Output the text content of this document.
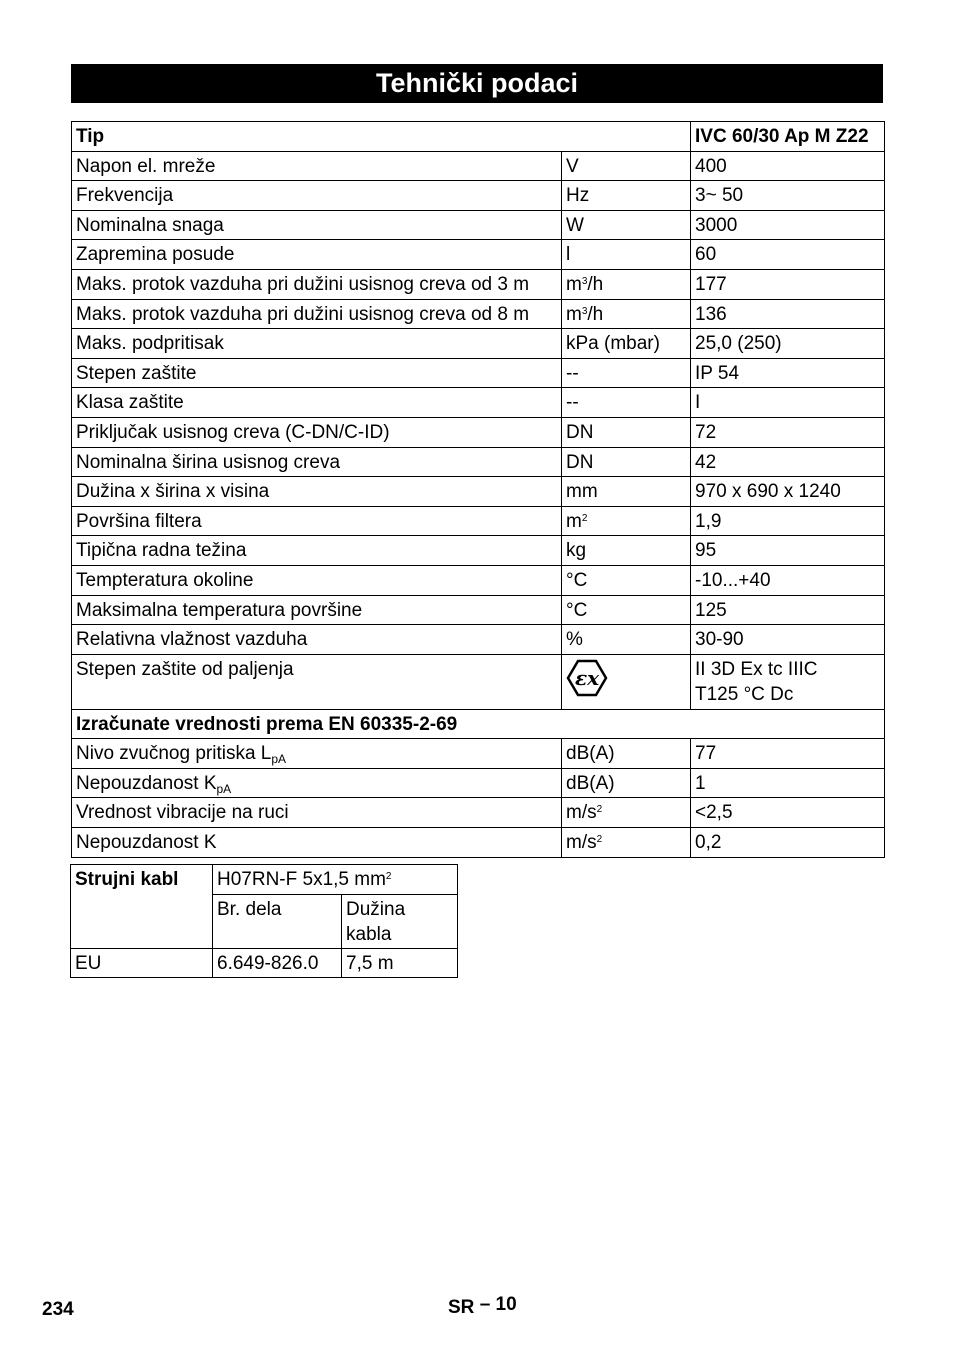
Tehnički podaci
Tip		IVC 60/30 Ap M Z22
Napon el. mreže	V	400
Frekvencija	Hz	3~ 50
Nominalna snaga	W	3000
Zapremina posude	l	60
Maks. protok vazduha pri dužini usisnog creva od 3 m	$m^3/h$	177
Maks. protok vazduha pri dužini usisnog creva od 8 m	$m^3/h$	136
Maks. podpritisak	kPa (mbar)	25,0 (250)
Stepen zaštite	--	IP 54
Klasa zaštite	--	I
Priključak usisnog creva (C-DN/C-ID)	DN	72
Nominalna širina usisnog creva	DN	42
Dužina x širina x visina	mm	970 x 690 x 1240
Površina filtera	$m^2$	1,9
Tipična radna težina	kg	95
Tempteratura okoline	°C	-10...+40
Maksimalna temperatura površine	°C	125
Relativna vlažnost vazduha	%	30-90
Stepen zaštite od paljenja	εx	II 3D Ex tc IIIC
T125 °C Dc
Izračunate vrednosti prema EN 60335-2-69		
Nivo zvučnog pritiska $L_{pA}$	dB(A)	77
Nepouzdanost $K_{pA}$	dB(A)	1
Vrednost vibracije na ruci	$m/s^2$	<2,5
Nepouzdanost K	$m/s^2$	0,2
Strujni kabl	H07RN-F 5x1,5 $mm^2$
	Br. dela	Dužina
kabla
EU	6.649-826.0	7,5 m
234	SR – 10
